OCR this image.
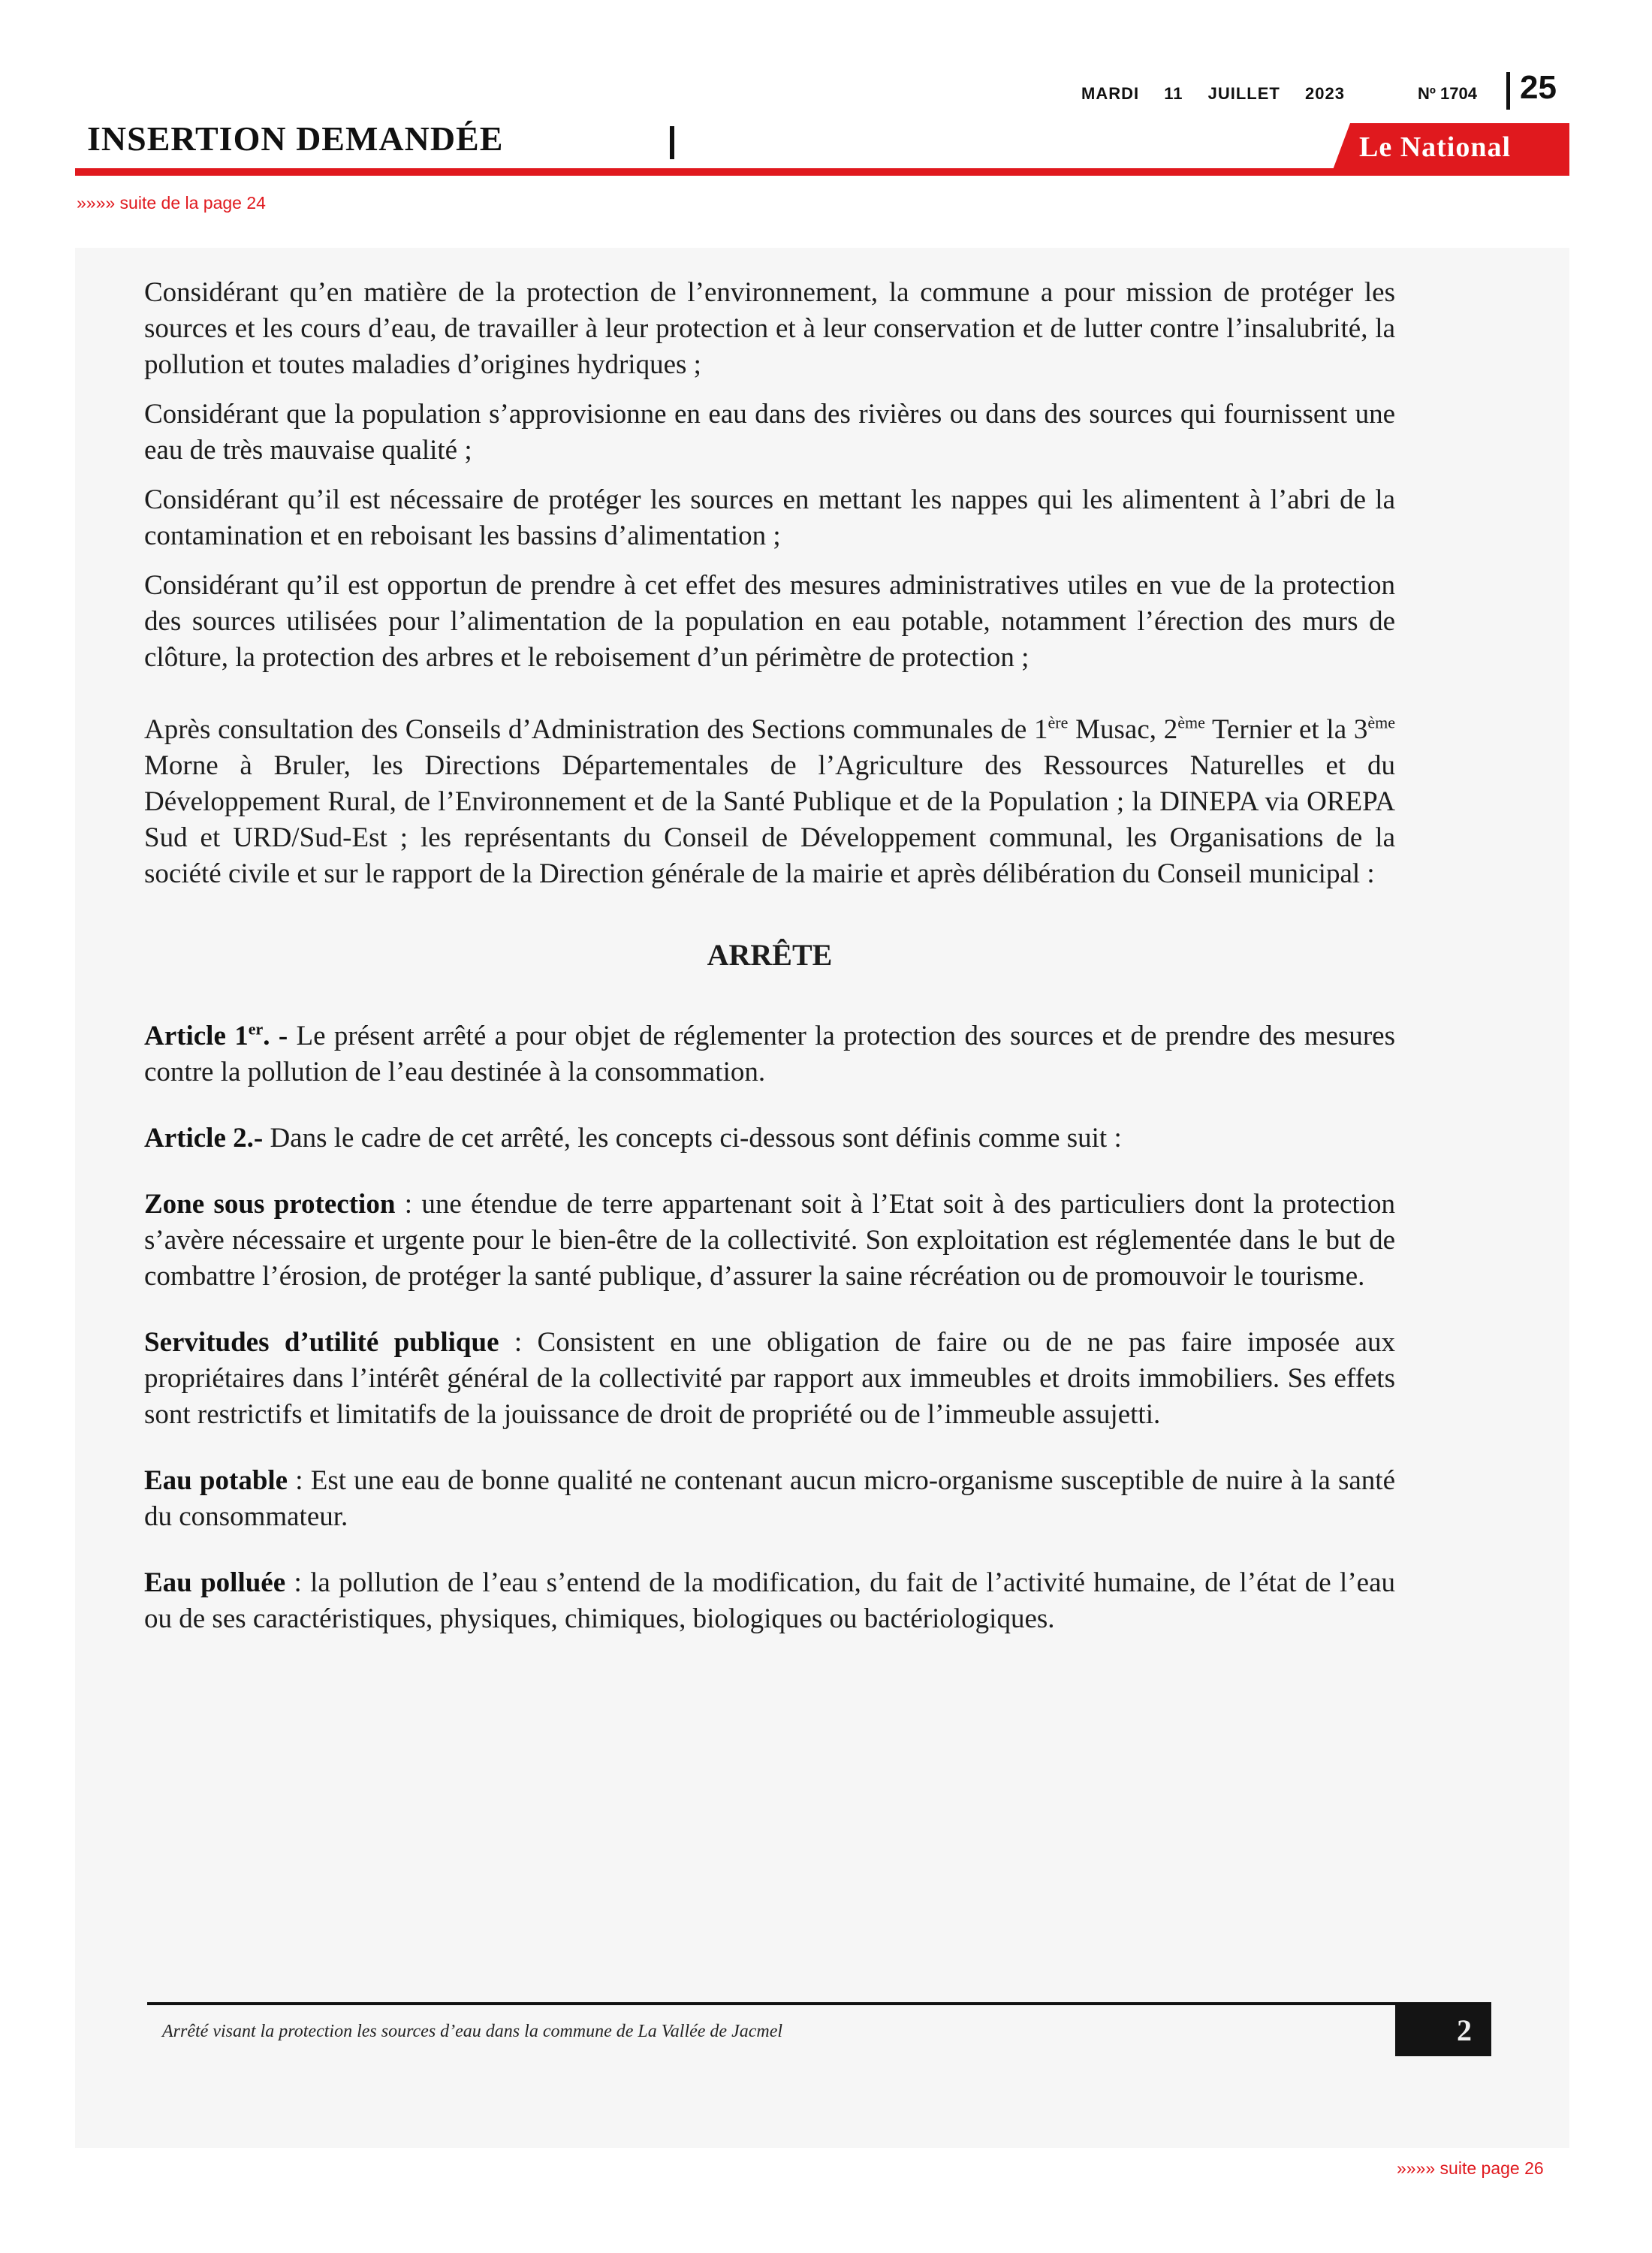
MARDI 11 JUILLET 2023	Nº 1704 25
INSERTION DEMANDÉE	Le National
»»»» suite de la page 24

Considérant qu’en matière de la protection de l’environnement, la commune a pour mission de protéger les sources et les cours d’eau, de travailler à leur protection et à leur conservation et de lutter contre l’insalubrité, la pollution et toutes maladies d’origines hydriques ;

Considérant que la population s’approvisionne en eau dans des rivières ou dans des sources qui fournissent une eau de très mauvaise qualité ;

Considérant qu’il est nécessaire de protéger les sources en mettant les nappes qui les alimentent à l’abri de la contamination et en reboisant les bassins d’alimentation ;

Considérant qu’il est opportun de prendre à cet effet des mesures administratives utiles en vue de la protection des sources utilisées pour l’alimentation de la population en eau potable, notamment l’érection des murs de clôture, la protection des arbres et le reboisement d’un périmètre de protection ;

Après consultation des Conseils d’Administration des Sections communales de 1ère Musac, 2ème Ternier et la 3ème Morne à Bruler, les Directions Départementales de l’Agriculture des Ressources Naturelles et du Développement Rural, de l’Environnement et de la Santé Publique et de la Population ; la DINEPA via OREPA Sud et URD/Sud-Est ; les représentants du Conseil de Développement communal, les Organisations de la société civile et sur le rapport de la Direction générale de la mairie et après délibération du Conseil municipal :

ARRÊTE

Article 1er. - Le présent arrêté a pour objet de réglementer la protection des sources et de prendre des mesures contre la pollution de l’eau destinée à la consommation.

Article 2.- Dans le cadre de cet arrêté, les concepts ci-dessous sont définis comme suit :

Zone sous protection : une étendue de terre appartenant soit à l’Etat soit à des particuliers dont la protection s’avère nécessaire et urgente pour le bien-être de la collectivité. Son exploitation est réglementée dans le but de combattre l’érosion, de protéger la santé publique, d’assurer la saine récréation ou de promouvoir le tourisme.

Servitudes d’utilité publique : Consistent en une obligation de faire ou de ne pas faire imposée aux propriétaires dans l’intérêt général de la collectivité par rapport aux immeubles et droits immobiliers. Ses effets sont restrictifs et limitatifs de la jouissance de droit de propriété ou de l’immeuble assujetti.

Eau potable : Est une eau de bonne qualité ne contenant aucun micro-organisme susceptible de nuire à la santé du consommateur.

Eau polluée : la pollution de l’eau s’entend de la modification, du fait de l’activité humaine, de l’état de l’eau ou de ses caractéristiques, physiques, chimiques, biologiques ou bactériologiques.

Arrêté visant la protection les sources d’eau dans la commune de La Vallée de Jacmel	2
»»»» suite page 26
